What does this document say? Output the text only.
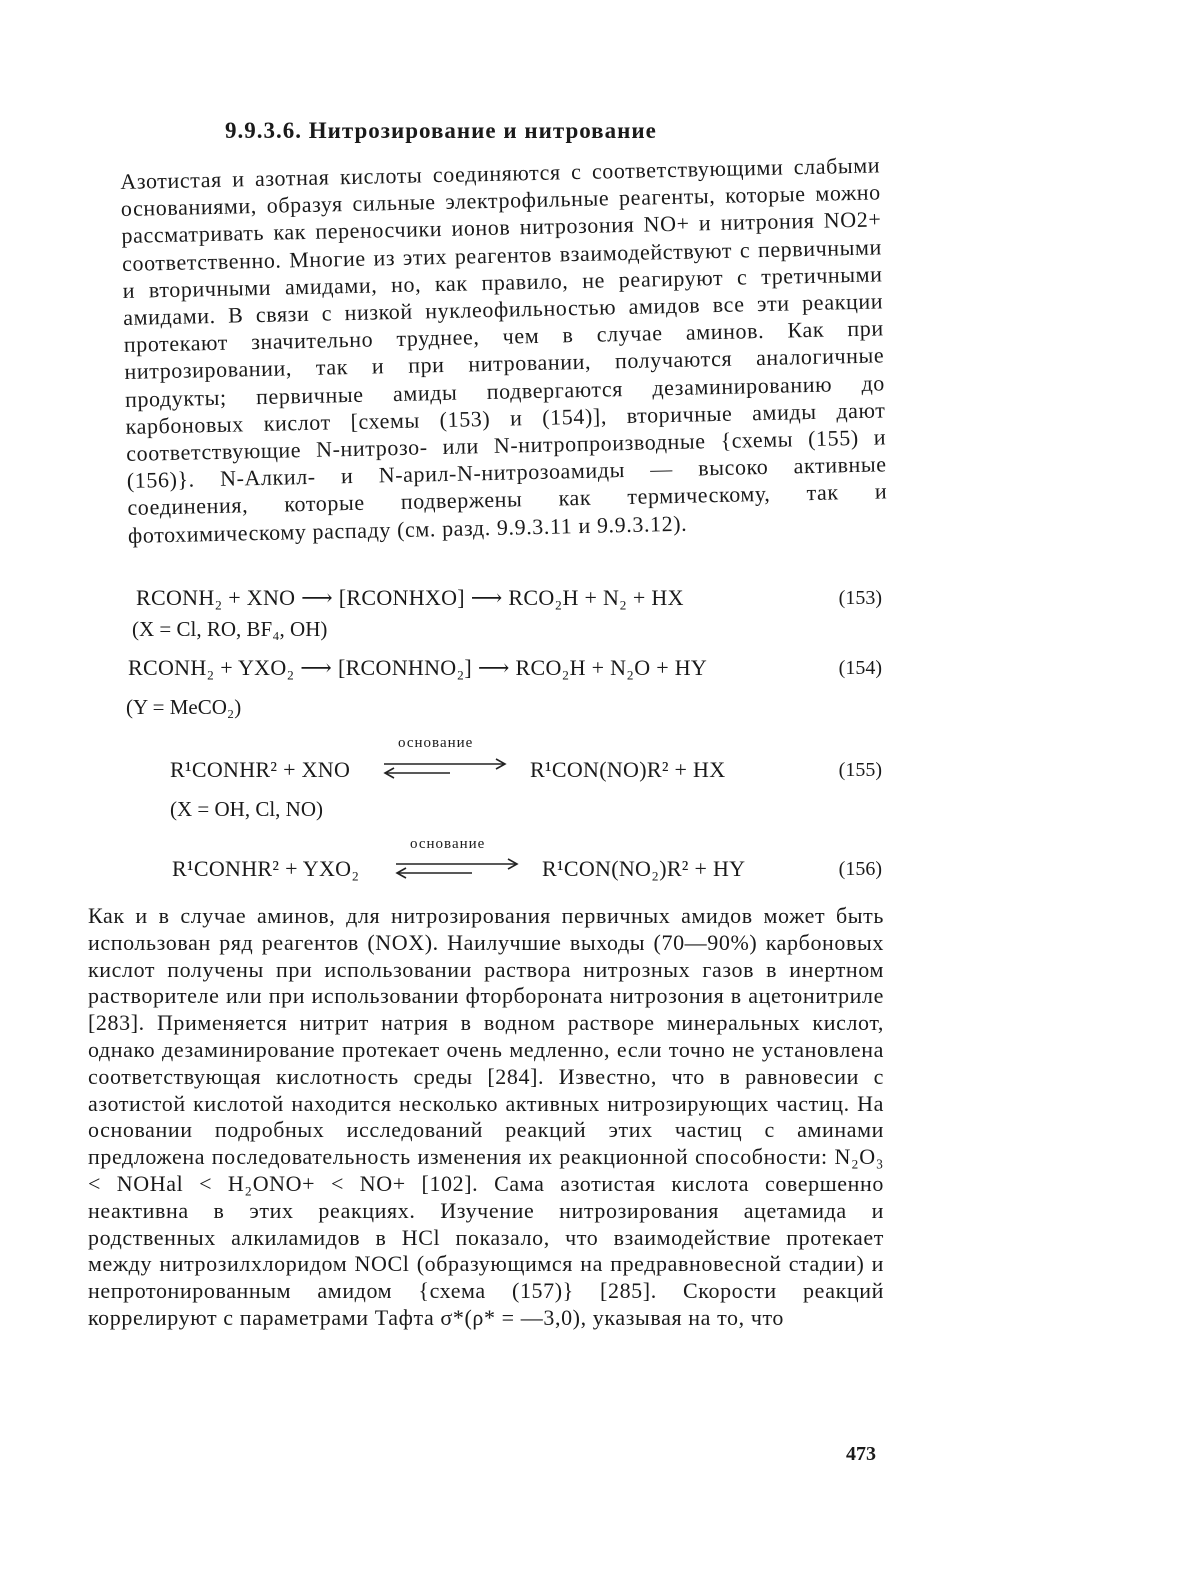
9.9.3.6. Нитрозирование и нитрование
Азотистая и азотная кислоты соединяются с соответствующими слабыми основаниями, образуя сильные электрофильные реагенты, которые можно рассматривать как переносчики ионов нитрозония NO+ и нитрония NO2+ соответственно. Многие из этих реагентов взаимодействуют с первичными и вторичными амидами, но, как правило, не реагируют с третичными амидами. В связи с низкой нуклеофильностью амидов все эти реакции протекают значительно труднее, чем в случае аминов. Как при нитрозировании, так и при нитровании, получаются аналогичные продукты; первичные амиды подвергаются дезаминированию до карбоновых кислот [схемы (153) и (154)], вторичные амиды дают соответствующие N-нитрозо- или N-нитропроизводные {схемы (155) и (156)}. N-Алкил- и N-арил-N-нитрозоамиды — высоко активные соединения, которые подвержены как термическому, так и фотохимическому распаду (см. разд. 9.9.3.11 и 9.9.3.12).
RCONH₂ + XNO ⟶ [RCONHXO] ⟶ RCO₂H + N₂ + HX	(153)
(X = Cl, RO, BF₄, OH)
RCONH₂ + YXO₂ ⟶ [RCONHNO₂] ⟶ RCO₂H + N₂O + HY	(154)
(Y = MeCO₂)
основание
R¹CONHR² + XNO	R¹CON(NO)R² + HX	(155)
(X = OH, Cl, NO)
основание
R¹CONHR² + YXO₂	R¹CON(NO₂)R² + HY	(156)
Как и в случае аминов, для нитрозирования первичных амидов может быть использован ряд реагентов (NOX). Наилучшие выходы (70—90%) карбоновых кислот получены при использовании раствора нитрозных газов в инертном растворителе или при использовании фторбороната нитрозония в ацетонитриле [283]. Применяется нитрит натрия в водном растворе минеральных кислот, однако дезаминирование протекает очень медленно, если точно не установлена соответствующая кислотность среды [284]. Известно, что в равновесии с азотистой кислотой находится несколько активных нитрозирующих частиц. На основании подробных исследований реакций этих частиц с аминами предложена последовательность изменения их реакционной способности: N₂O₃ < NOHal < H₂ONO+ < NO+ [102]. Сама азотистая кислота совершенно неактивна в этих реакциях. Изучение нитрозирования ацетамида и родственных алкиламидов в HCl показало, что взаимодействие протекает между нитрозилхлоридом NOCl (образующимся на предравновесной стадии) и непротонированным амидом {схема (157)} [285]. Скорости реакций коррелируют с параметрами Тафта σ*(ρ* = —3,0), указывая на то, что
473
